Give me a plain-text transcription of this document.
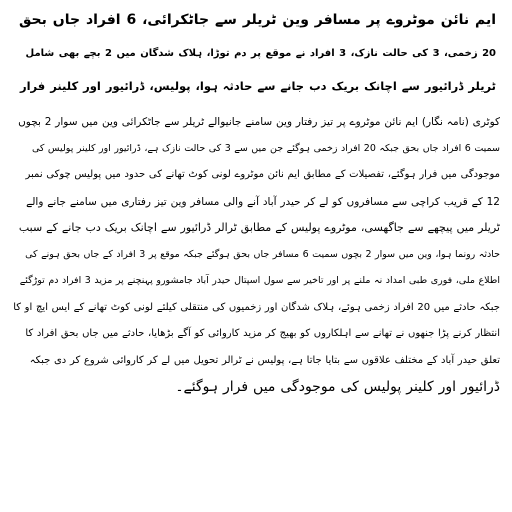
ایم نائن موٹروے پر مسافر وین ٹریلر سے جاٹکرائی، 6 افراد جاں بحق
20 زخمی، 3 کی حالت نازک، 3 افراد نے موقع پر دم توڑا، ہلاک شدگان میں 2 بچے بھی شامل
ٹریلر ڈرائیور سے اچانک بریک دب جانے سے حادثہ ہوا، پولیس، ڈرائیور اور کلینر فرار
کوٹری (نامہ نگار) ایم نائن موٹروے پر تیز رفتار وین سامنے جانیوالے ٹریلر سے جاٹکرائی وین میں سوار 2 بچوں
سمیت 6 افراد جاں بحق جبکہ 20 افراد زخمی ہوگئے جن میں سے 3 کی حالت نازک ہے، ڈرائیور اور کلینر پولیس کی
موجودگی میں فرار ہوگئے، تفصیلات کے مطابق ایم نائن موٹروے لونی کوٹ تھانے کی حدود میں پولیس چوکی نمبر
12 کے قریب کراچی سے مسافروں کو لے کر حیدر آباد آنے والی مسافر وین تیز رفتاری میں سامنے جانے والے
ٹریلر میں پیچھے سے جاگھسی، موٹروے پولیس کے مطابق ٹرالر ڈرائیور سے اچانک بریک دب جانے کے سبب
حادثہ رونما ہوا، وین میں سوار 2 بچوں سمیت 6 مسافر جاں بحق ہوگئے جبکہ موقع پر 3 افراد کے جاں بحق ہونے کی
اطلاع ملی، فوری طبی امداد نہ ملنے پر اور تاخیر سے سول اسپتال حیدر آباد جامشورو پہنچنے پر مزید 3 افراد دم توڑگئے
جبکہ حادثے میں 20 افراد زخمی ہوئے، ہلاک شدگان اور زخمیوں کی منتقلی کیلئے لونی کوٹ تھانے کے ایس ایچ او کا
انتظار کرنے پڑا جنھوں نے تھانے سے اہلکاروں کو بھیج کر مزید کاروائی کو آگے بڑھایا، حادثے میں جاں بحق افراد کا
تعلق حیدر آباد کے مختلف علاقوں سے بتایا جاتا ہے، پولیس نے ٹرالر تحویل میں لے کر کاروائی شروع کر دی جبکہ
ڈرائیور اور کلینر پولیس کی موجودگی میں فرار ہوگئے۔
